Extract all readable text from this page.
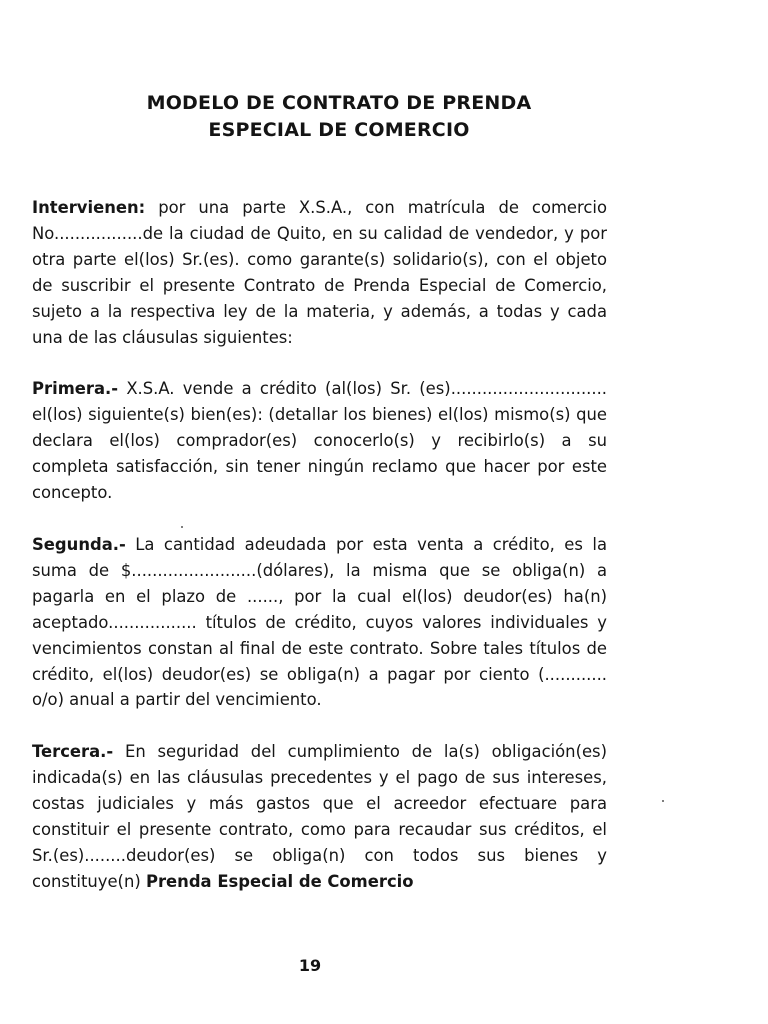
MODELO DE CONTRATO DE PRENDA
ESPECIAL DE COMERCIO

Intervienen: por una parte X.S.A., con matrícula de comercio No.................de la ciudad de Quito, en su calidad de vendedor, y por otra parte el(los) Sr.(es). como garante(s) solidario(s), con el objeto de suscribir el presente Contrato de Prenda Especial de Comercio, sujeto a la respectiva ley de la materia, y además, a todas y cada una de las cláusulas siguientes:

Primera.- X.S.A. vende a crédito (al(los) Sr. (es).............................. el(los) siguiente(s) bien(es): (detallar los bienes) el(los) mismo(s) que declara el(los) comprador(es) conocerlo(s) y recibirlo(s) a su completa satisfacción, sin tener ningún reclamo que hacer por este concepto.

Segunda.- La cantidad adeudada por esta venta a crédito, es la suma de $........................(dólares), la misma que se obliga(n) a pagarla en el plazo de ......, por la cual el(los) deudor(es) ha(n) aceptado................. títulos de crédito, cuyos valores individuales y vencimientos constan al final de este contrato. Sobre tales títulos de crédito, el(los) deudor(es) se obliga(n) a pagar por ciento (............ o/o) anual a partir del vencimiento.

Tercera.- En seguridad del cumplimiento de la(s) obligación(es) indicada(s) en las cláusulas precedentes y el pago de sus intereses, costas judiciales y más gastos que el acreedor efectuare para constituir el presente contrato, como para recaudar sus créditos, el Sr.(es)........deudor(es) se obliga(n) con todos sus bienes y constituye(n) Prenda Especial de Comercio

19
